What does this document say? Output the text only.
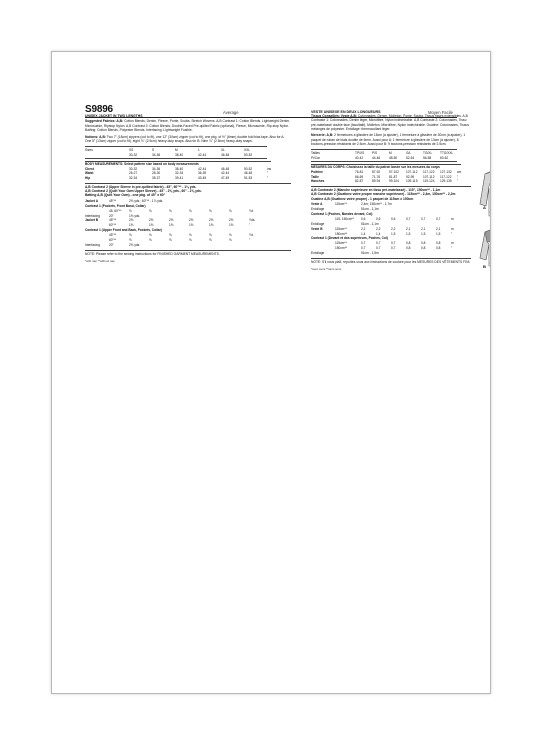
S9896	Average	VESTE UNISEXE EN DEUX LONGUEURS	Moyen Facile
UNISEX JACKET IN TWO LENGTHS

Suggested Fabrics: A,B: Cotton Blends, Denim, Fleece, Ponte, Scuba, Stretch Wovens. A,B Contrast 1: Cotton Blends, Lightweight Denim, Microsuede, Ripstop Nylon. A,B Contrast 2: Cotton Blends, Double-Faced Pre-quilted Fabric (optional), Fleece, Microsuede, Rip-stop Nylon. Batting: Cotton Blends, Polyester Blends. Interfacing: Lightweight Fusible.

Notions: A,B: Two 7" (18cm) zippers (cut to fit), one 12" (30cm) zipper (cut to fit), one pkg. of ½" (6mm) double fold bias tape. Also for A: One 5" (13cm) zipper (cut to fit), eight ⅞" (2.5cm) heavy-duty snaps. Also for B: Nine ⅞" (2.5cm) heavy-duty snaps.

Sizes	XS	S	M	L	XL	XXL
	30-32	34-36	38-40	42-44	46-48	50-52
BODY MEASUREMENTS: Select pattern size based on body measurements							
Chest	30-32	34-36	38-40	42-44	46-48	50-52	ins
Waist	26-27	28-30	32-34	36-39	42-44	46-48	"
Hip	32-34	35-37	39-41	43-45	47-49	51-53	"
A,B Contrast 2 (Upper Sleeve in pre-quilted fabric) - 45", 60"** - 1⅛ yds.
A,B Contrast 2 (Quilt Your Own Upper Sleeve) - 45" - 2⅝ yds., 60" - 2⅜ yds.
Batting A,B (Quilt Your Own) - one pkg. of 45" x 60"
Jacket A	45"**	2⅜ yds.; 60"** - 1⅞ yds.						
Contrast 1 (Pockets, Front Band, Collar)								
	45, 60"**	⅝	⅝	⅝	⅝	⅝	⅝	Yd.
Interfacing	20"	1⅝ yds.						
Jacket B	45"**	2⅝	2⅝	2⅝	2⅝	2⅝	2⅝	Yds.
	60"**	1⅝	1⅝	1⅝	1⅝	1⅝	1⅝	"
Contrast 1 (Upper Front and Back, Pockets, Collar)								
	45"**	⅝	⅝	⅝	⅝	⅝	⅝	Yd.
	60"**	⅝	⅝	⅝	⅝	⅝	⅝	"
Interfacing	20"	2⅝ yds.						
NOTE: Please refer to the sewing instructions for FINISHED GARMENT MEASUREMENTS.
*with nap **without nap

Tissus Conseillés: Veste A,B: Cotonnades, Denim, Molleton, Ponte, Scuba, Tissus tissés extensibles. A,B Contraste 1: Cotonnades, Denim léger, Microfibre, Nylon indéchirable. A,B Contraste 2: Cotonnades, Tissu pré-matelassé double face (facultatif), Molleton, Microfibre, Nylon indéchirable. Ouatine: Cotonnades, Tissus mélangés de polyester. Entoilage: thermocollant léger.

Mercerie: A,B: 2 fermetures à glissière de 18cm (à ajuster), 1 fermeture à glissière de 30cm (à ajuster), 1 paquet de ruban de biais double de 6mm. Aussi pour A: 1 fermeture à glissière de 13cm (à ajuster), 8 boutons-pression résistants de 2.5cm. Aussi pour B: 9 boutons-pression résistants de 2.5cm.

Tailles	TP/XS	P/S	M	G/L	TG/XL	TTG/XXL
Pi/Car	40-42	44-46	48-50	52-54	56-58	60-62
MESURES DU CORPS: Choisissez la taille du patron basée sur les mesures du corps							
Poitrine	76-81	87-92	97-102	107-112	117-122	127-132	cm
Taille	66-69	71-76	81-87	92-99	107-112	117-122	"
Hanches	82-87	89-94	99-104	109-115	119-124	129-135	"
A,B Contraste 2 (Manche supérieure en tissu pré-matelassé) - 115", 150cm** - 1,1m
A,B Contraste 2 (Ouatinez votre propre manche supérieure) - 115cm** - 2,4m, 150cm** - 2,2m
Ouatine A,B (Ouatinez votre propre) - 1 paquet de 115cm x 150cm
Veste A	115cm**	2,4m; 150cm** - 1,7m						
Entoilage		51cm - 1,1m						
Contrast 1 (Poches, Bandes devant, Col)								
	115, 150cm**	0,6	0,6	0,6	0,7	0,7	0,7	m
Entoilage		51cm - 1,1m						
Veste B	115cm**	2,2	2,2	2,2	2,1	2,1	2,1	m
	150cm**	1,4	1,4	1,5	1,5	1,5	1,5	"
Contrast 1 (Devant et dos supérieurs, Poches, Col)								
	115cm**	0,7	0,7	0,7	0,8	0,8	0,8	m
	150cm**	0,7	0,7	0,7	0,8	0,8	0,8	"
Entoilage		51cm - 1,5m						
NOTE: S'il vous plaît, reportez-vous aux instructions de couture pour les MESURES DES VÊTEMENTS FINI.
*avec sens **sans sens
A
B
